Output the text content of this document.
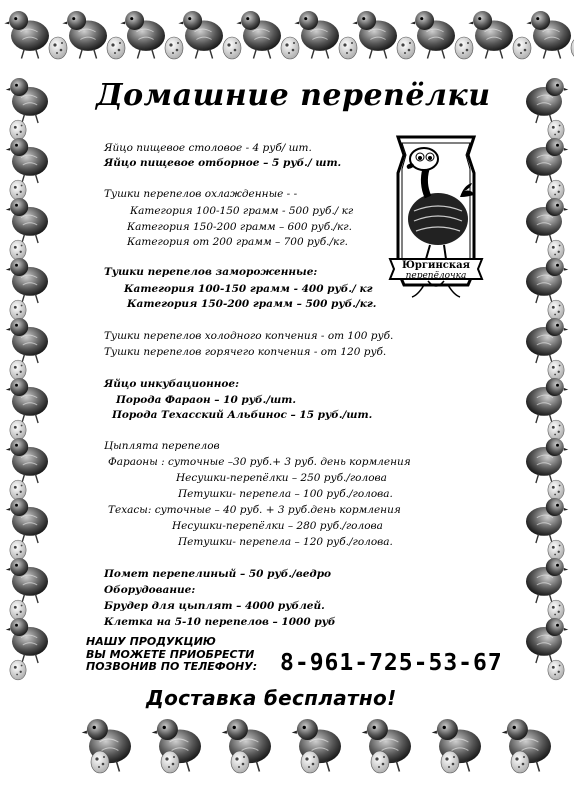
Домашние перепёлки
Яйцо пищевое столовое - 4 руб/ шт.
Яйцо пищевое отборное – 5 руб./ шт.
Тушки перепелов охлажденные - -
Категория 100-150 грамм - 500 руб./ кг
Категория 150-200 грамм – 600 руб./кг.
Категория от 200 грамм – 700 руб./кг.
Тушки перепелов замороженные:
Категория 100-150 грамм - 400 руб./ кг
Категория 150-200 грамм – 500 руб./кг.
Тушки перепелов холодного копчения - от 100 руб.
Тушки перепелов горячего копчения - от 120 руб.
Яйцо инкубационное:
Порода Фараон – 10 руб./шт.
Порода Техасский Альбинос – 15 руб./шт.
Цыплята перепелов
Фараоны : суточные –30 руб.+ 3 руб. день кормления
Несушки-перепёлки – 250 руб./голова
Петушки- перепела – 100 руб./голова.
Техасы: суточные – 40 руб. + 3 руб.день кормления
Несушки-перепёлки – 280 руб./голова
Петушки- перепела – 120 руб./голова.
Помет перепелиный – 50 руб./ведро
Оборудование:
Брудер для цыплят – 4000 рублей.
Клетка на 5-10 перепелов – 1000 руб
Юргинская
перепёлочка
НАШУ ПРОДУКЦИЮ
ВЫ МОЖЕТЕ ПРИОБРЕСТИ
ПОЗВОНИВ ПО ТЕЛЕФОНУ: 8-961-725-53-67
Доставка бесплатно!
